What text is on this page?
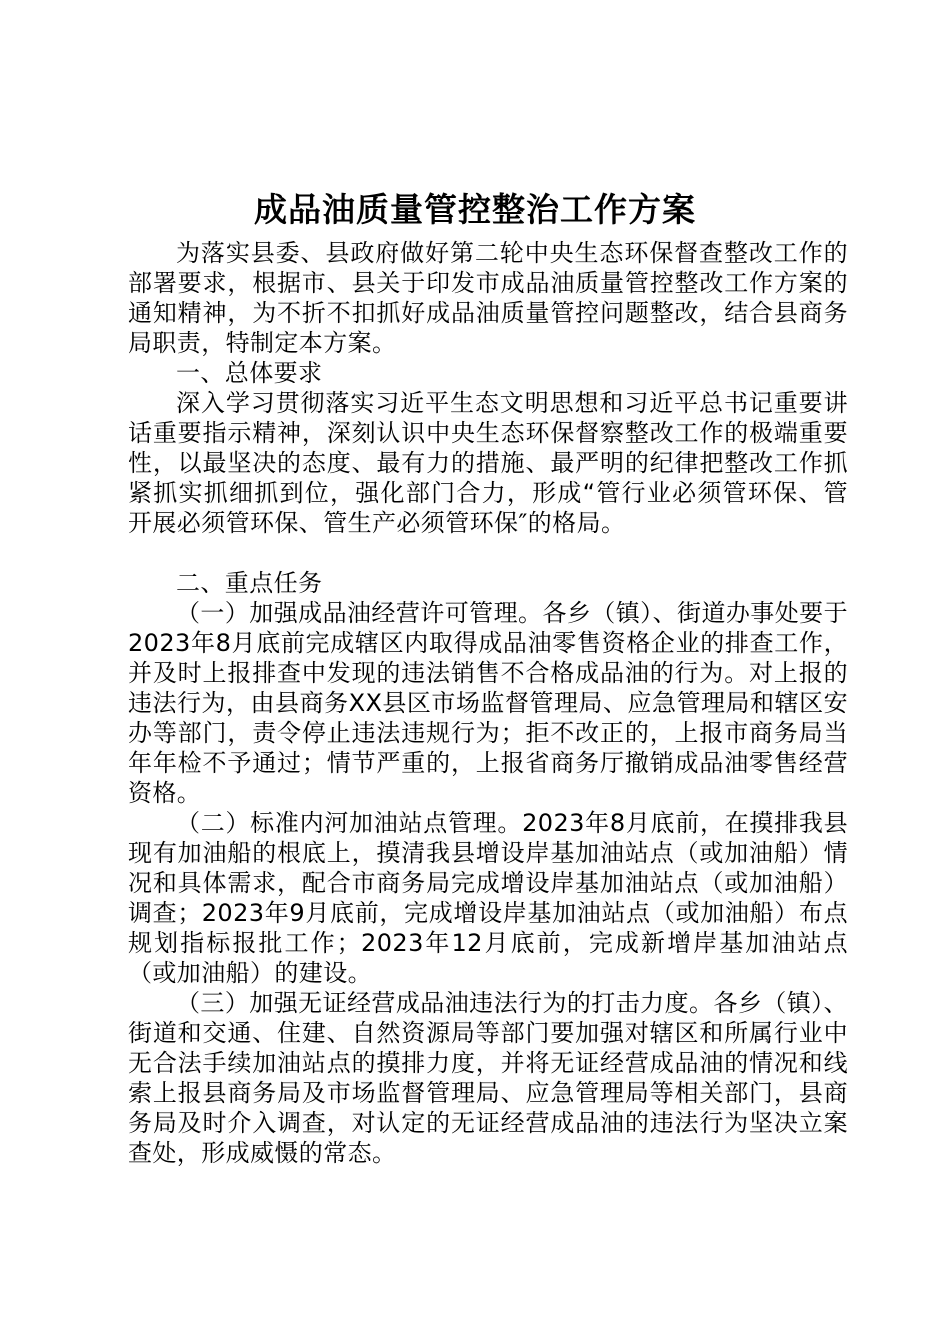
成品油质量管控整治工作方案

为落实县委、县政府做好第二轮中央生态环保督查整改工作的部署要求，根据市、县关于印发市成品油质量管控整改工作方案的通知精神，为不折不扣抓好成品油质量管控问题整改，结合县商务局职责，特制定本方案。

一、总体要求

深入学习贯彻落实习近平生态文明思想和习近平总书记重要讲话重要指示精神，深刻认识中央生态环保督察整改工作的极端重要性，以最坚决的态度、最有力的措施、最严明的纪律把整改工作抓紧抓实抓细抓到位，强化部门合力，形成“管行业必须管环保、管开展必须管环保、管生产必须管环保″的格局。

二、重点任务

（一）加强成品油经营许可管理。各乡（镇）、街道办事处要于2023年8月底前完成辖区内取得成品油零售资格企业的排查工作，并及时上报排查中发现的违法销售不合格成品油的行为。对上报的违法行为，由县商务XX县区市场监督管理局、应急管理局和辖区安办等部门，责令停止违法违规行为；拒不改正的，上报市商务局当年年检不予通过；情节严重的，上报省商务厅撤销成品油零售经营资格。

（二）标准内河加油站点管理。2023年8月底前，在摸排我县现有加油船的根底上，摸清我县增设岸基加油站点（或加油船）情况和具体需求，配合市商务局完成增设岸基加油站点（或加油船）调查；2023年9月底前，完成增设岸基加油站点（或加油船）布点规划指标报批工作；2023年12月底前，完成新增岸基加油站点（或加油船）的建设。

（三）加强无证经营成品油违法行为的打击力度。各乡（镇）、街道和交通、住建、自然资源局等部门要加强对辖区和所属行业中无合法手续加油站点的摸排力度，并将无证经营成品油的情况和线索上报县商务局及市场监督管理局、应急管理局等相关部门，县商务局及时介入调查，对认定的无证经营成品油的违法行为坚决立案查处，形成威慑的常态。
